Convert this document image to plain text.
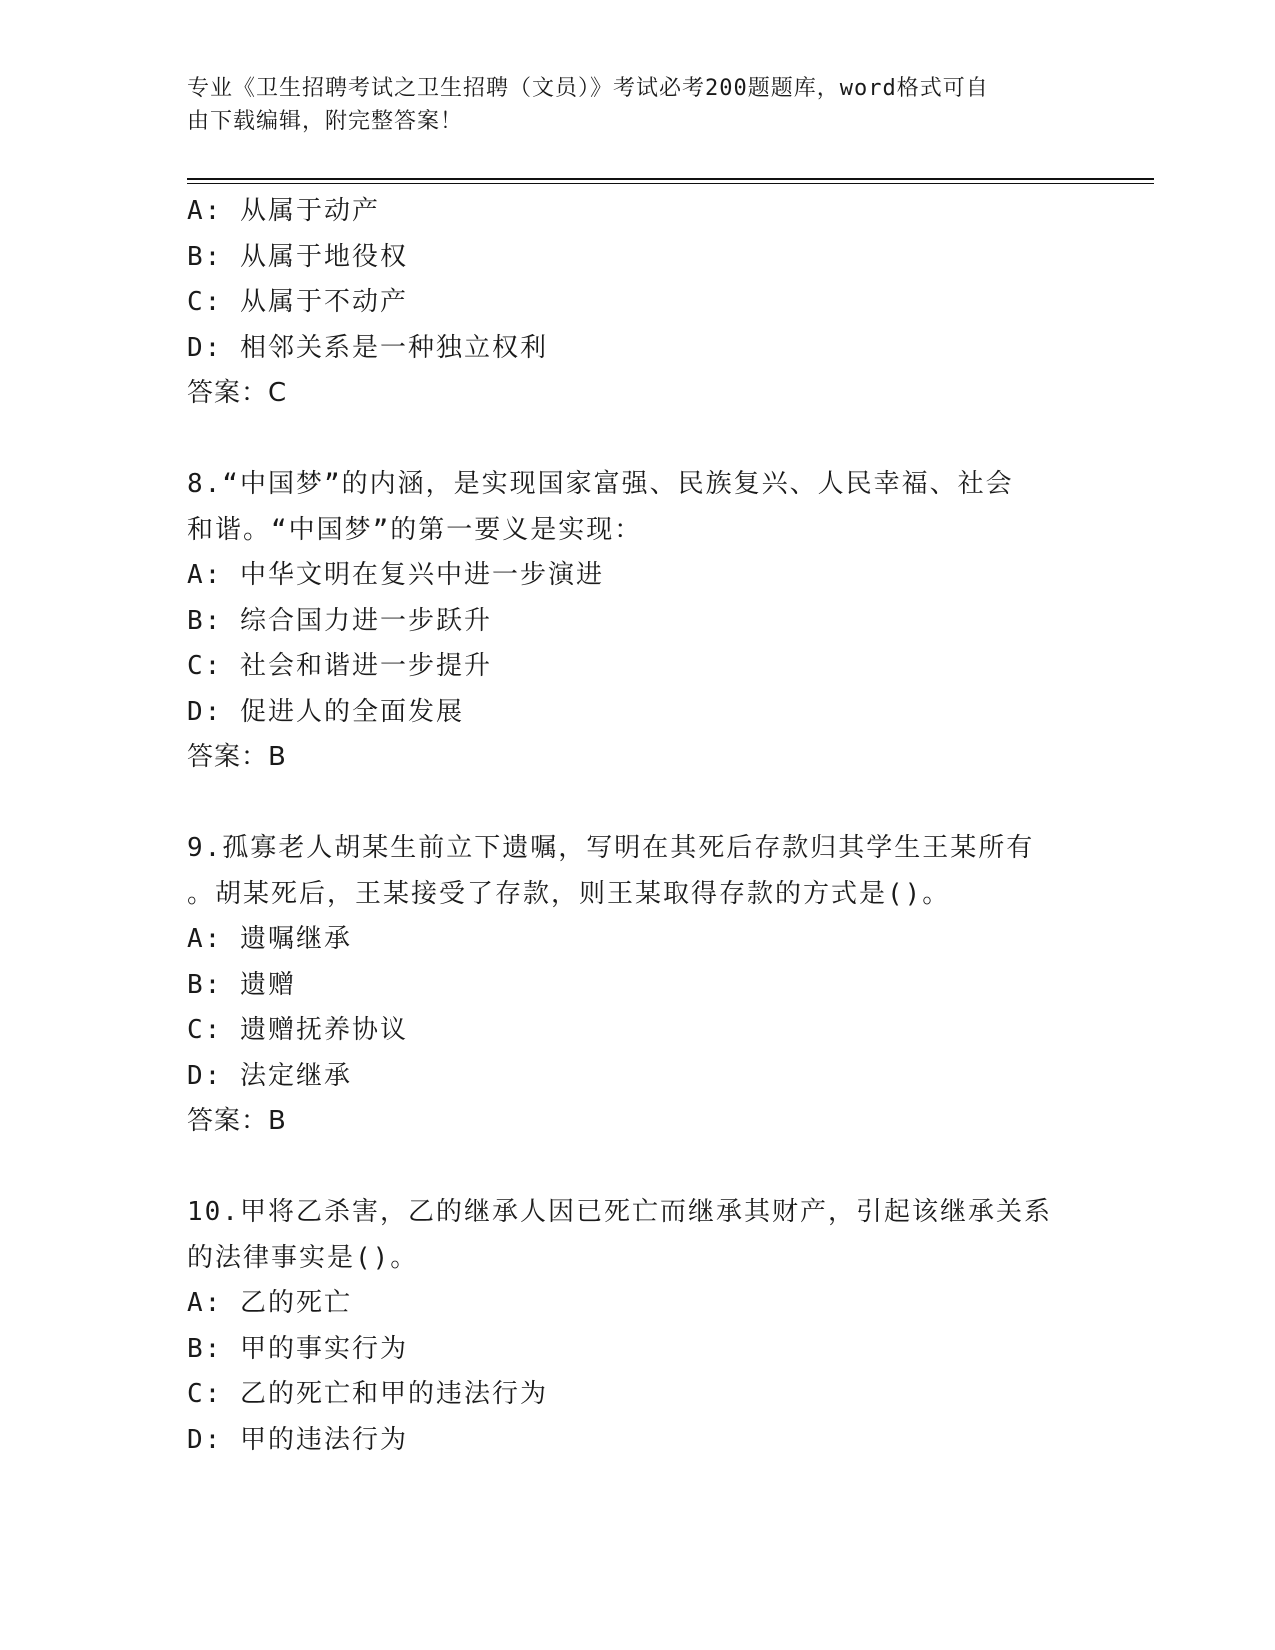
专业《卫生招聘考试之卫生招聘（文员）》考试必考200题题库，word格式可自
由下载编辑，附完整答案！
A: 从属于动产
B: 从属于地役权
C: 从属于不动产
D: 相邻关系是一种独立权利
答案：C
8.“中国梦”的内涵，是实现国家富强、民族复兴、人民幸福、社会
和谐。“中国梦”的第一要义是实现：
A: 中华文明在复兴中进一步演进
B: 综合国力进一步跃升
C: 社会和谐进一步提升
D: 促进人的全面发展
答案：B
9.孤寡老人胡某生前立下遗嘱，写明在其死后存款归其学生王某所有
。胡某死后，王某接受了存款，则王某取得存款的方式是()。
A: 遗嘱继承
B: 遗赠
C: 遗赠抚养协议
D: 法定继承
答案：B
10.甲将乙杀害，乙的继承人因已死亡而继承其财产，引起该继承关系
的法律事实是()。
A: 乙的死亡
B: 甲的事实行为
C: 乙的死亡和甲的违法行为
D: 甲的违法行为
